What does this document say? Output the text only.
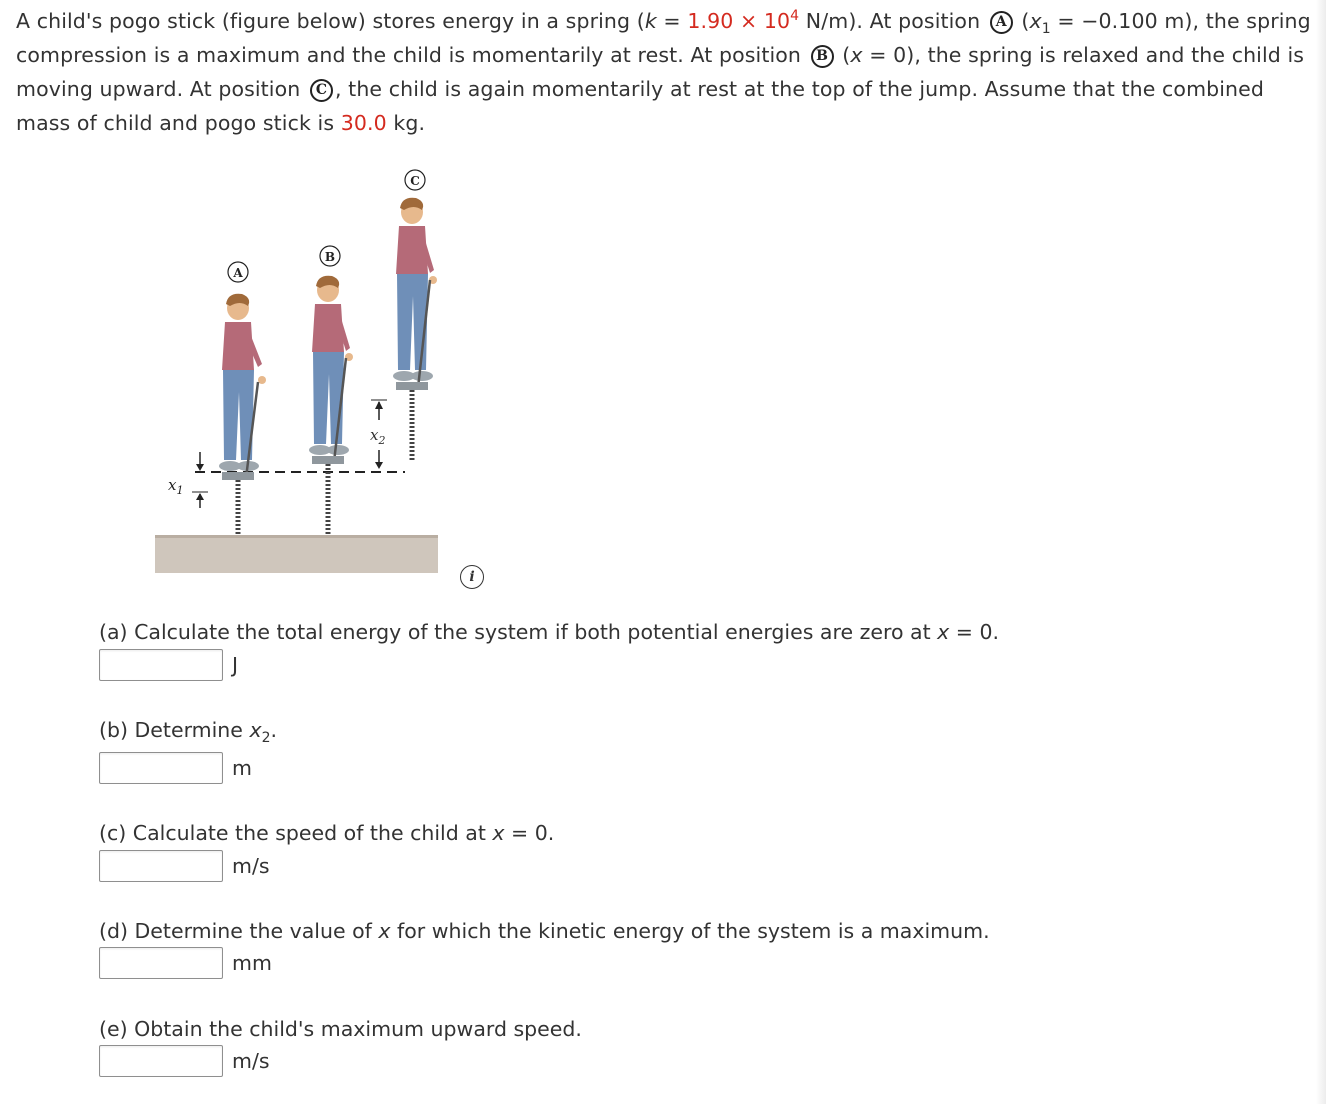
A child's pogo stick (figure below) stores energy in a spring ($k = 1.90 \times 10^4$ N/m). At position A ($x_1 = -0.100$ m), the spring compression is a maximum and the child is momentarily at rest. At position B (x = 0), the spring is relaxed and the child is moving upward. At position C , the child is again momentarily at rest at the top of the jump. Assume that the combined mass of child and pogo stick is 30.0 kg.
$x_1$
$x_2$
A
B
C
i
(a) Calculate the total energy of the system if both potential energies are zero at x = 0.
J
(b) Determine $x_2$.
m
(c) Calculate the speed of the child at x = 0.
m/s
(d) Determine the value of x for which the kinetic energy of the system is a maximum.
mm
(e) Obtain the child's maximum upward speed.
m/s
